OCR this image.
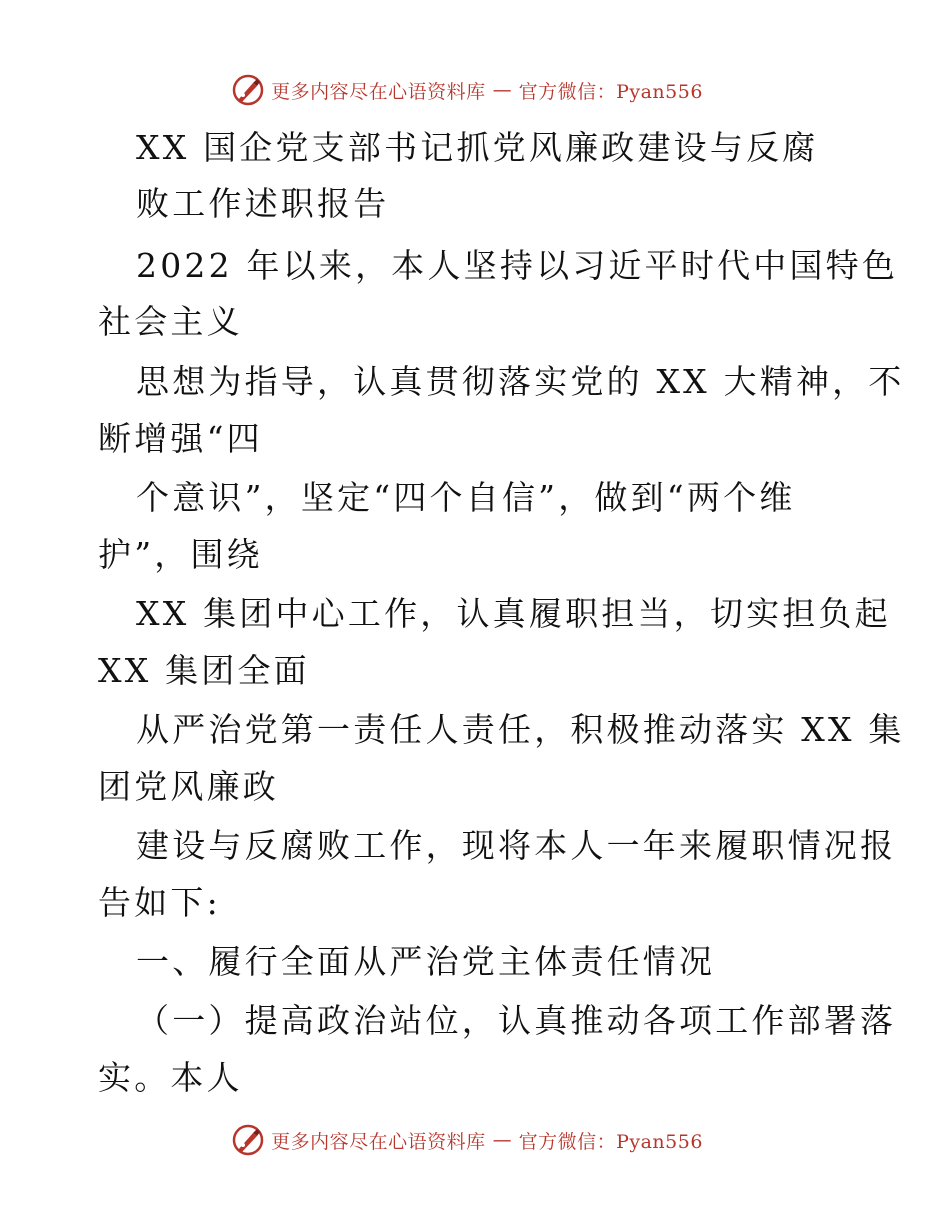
更多内容尽在心语资料库 — 官方微信：Pyan556
XX 国企党支部书记抓党风廉政建设与反腐
败工作述职报告
2022 年以来，本人坚持以习近平时代中国特色
社会主义
思想为指导，认真贯彻落实党的 XX 大精神，不
断增强“四
个意识”，坚定“四个自信”，做到“两个维
护”，围绕
XX 集团中心工作，认真履职担当，切实担负起
XX 集团全面
从严治党第一责任人责任，积极推动落实 XX 集
团党风廉政
建设与反腐败工作，现将本人一年来履职情况报
告如下:
一、履行全面从严治党主体责任情况
（一）提高政治站位，认真推动各项工作部署落
实。本人
更多内容尽在心语资料库 — 官方微信：Pyan556
